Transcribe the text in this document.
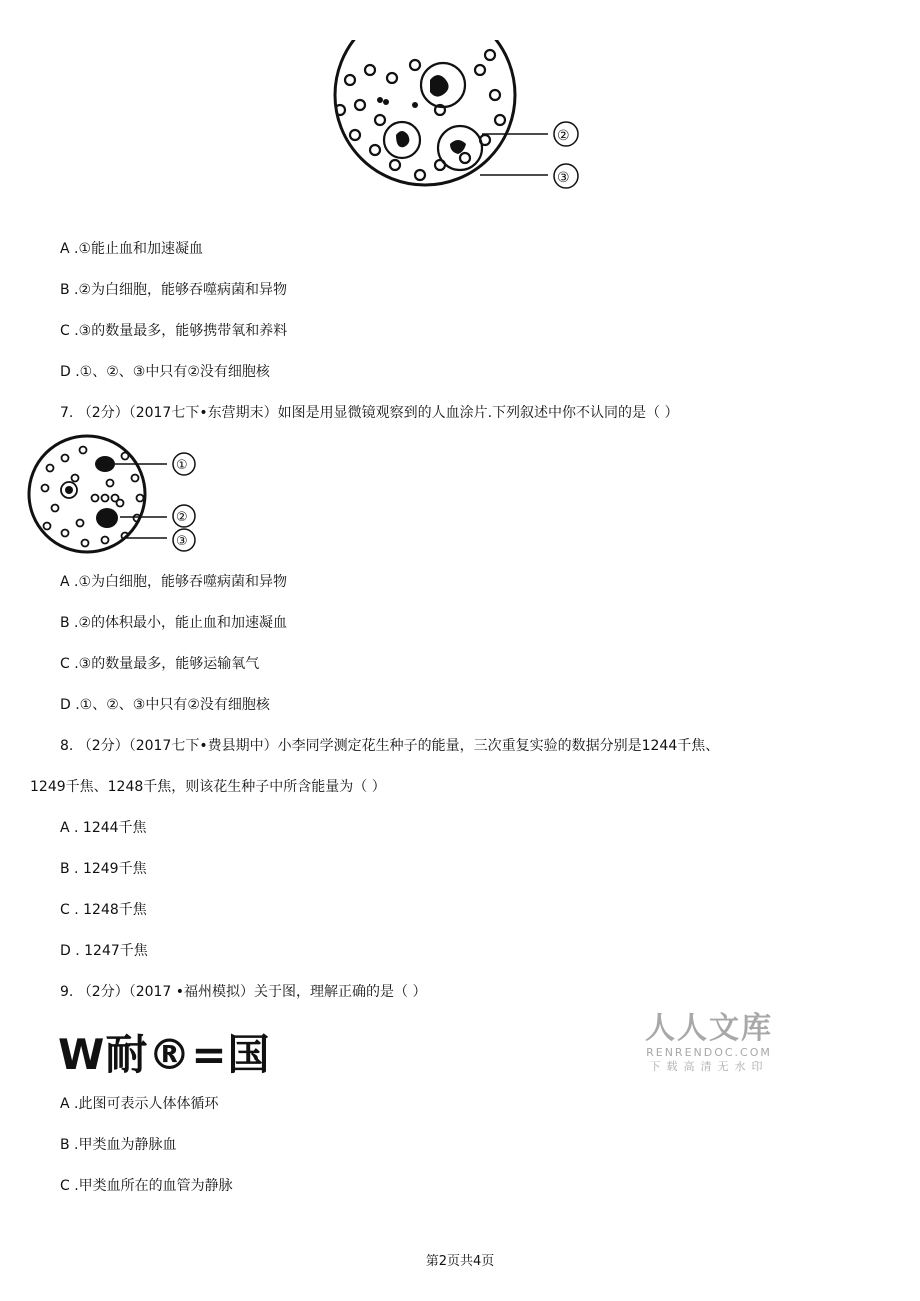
②
③
A .①能止血和加速凝血
B .②为白细胞，能够吞噬病菌和异物
C .③的数量最多，能够携带氧和养料
D .①、②、③中只有②没有细胞核
7. （2分）（2017七下•东营期末）如图是用显微镜观察到的人血涂片.下列叙述中你不认同的是（ ）
①
②
③
A .①为白细胞，能够吞噬病菌和异物
B .②的体积最小，能止血和加速凝血
C .③的数量最多，能够运输氧气
D .①、②、③中只有②没有细胞核
8. （2分）（2017七下•费县期中）小李同学测定花生种子的能量，三次重复实验的数据分别是1244千焦、
1249千焦、1248千焦，则该花生种子中所含能量为（ ）
A . 1244千焦
B . 1249千焦
C . 1248千焦
D . 1247千焦
9. （2分）（2017 •福州模拟）关于图，理解正确的是（ ）
W耐®=国
人人文库
RENRENDOC.COM
下载高清无水印
A .此图可表示人体体循环
B .甲类血为静脉血
C .甲类血所在的血管为静脉
第2页共4页
